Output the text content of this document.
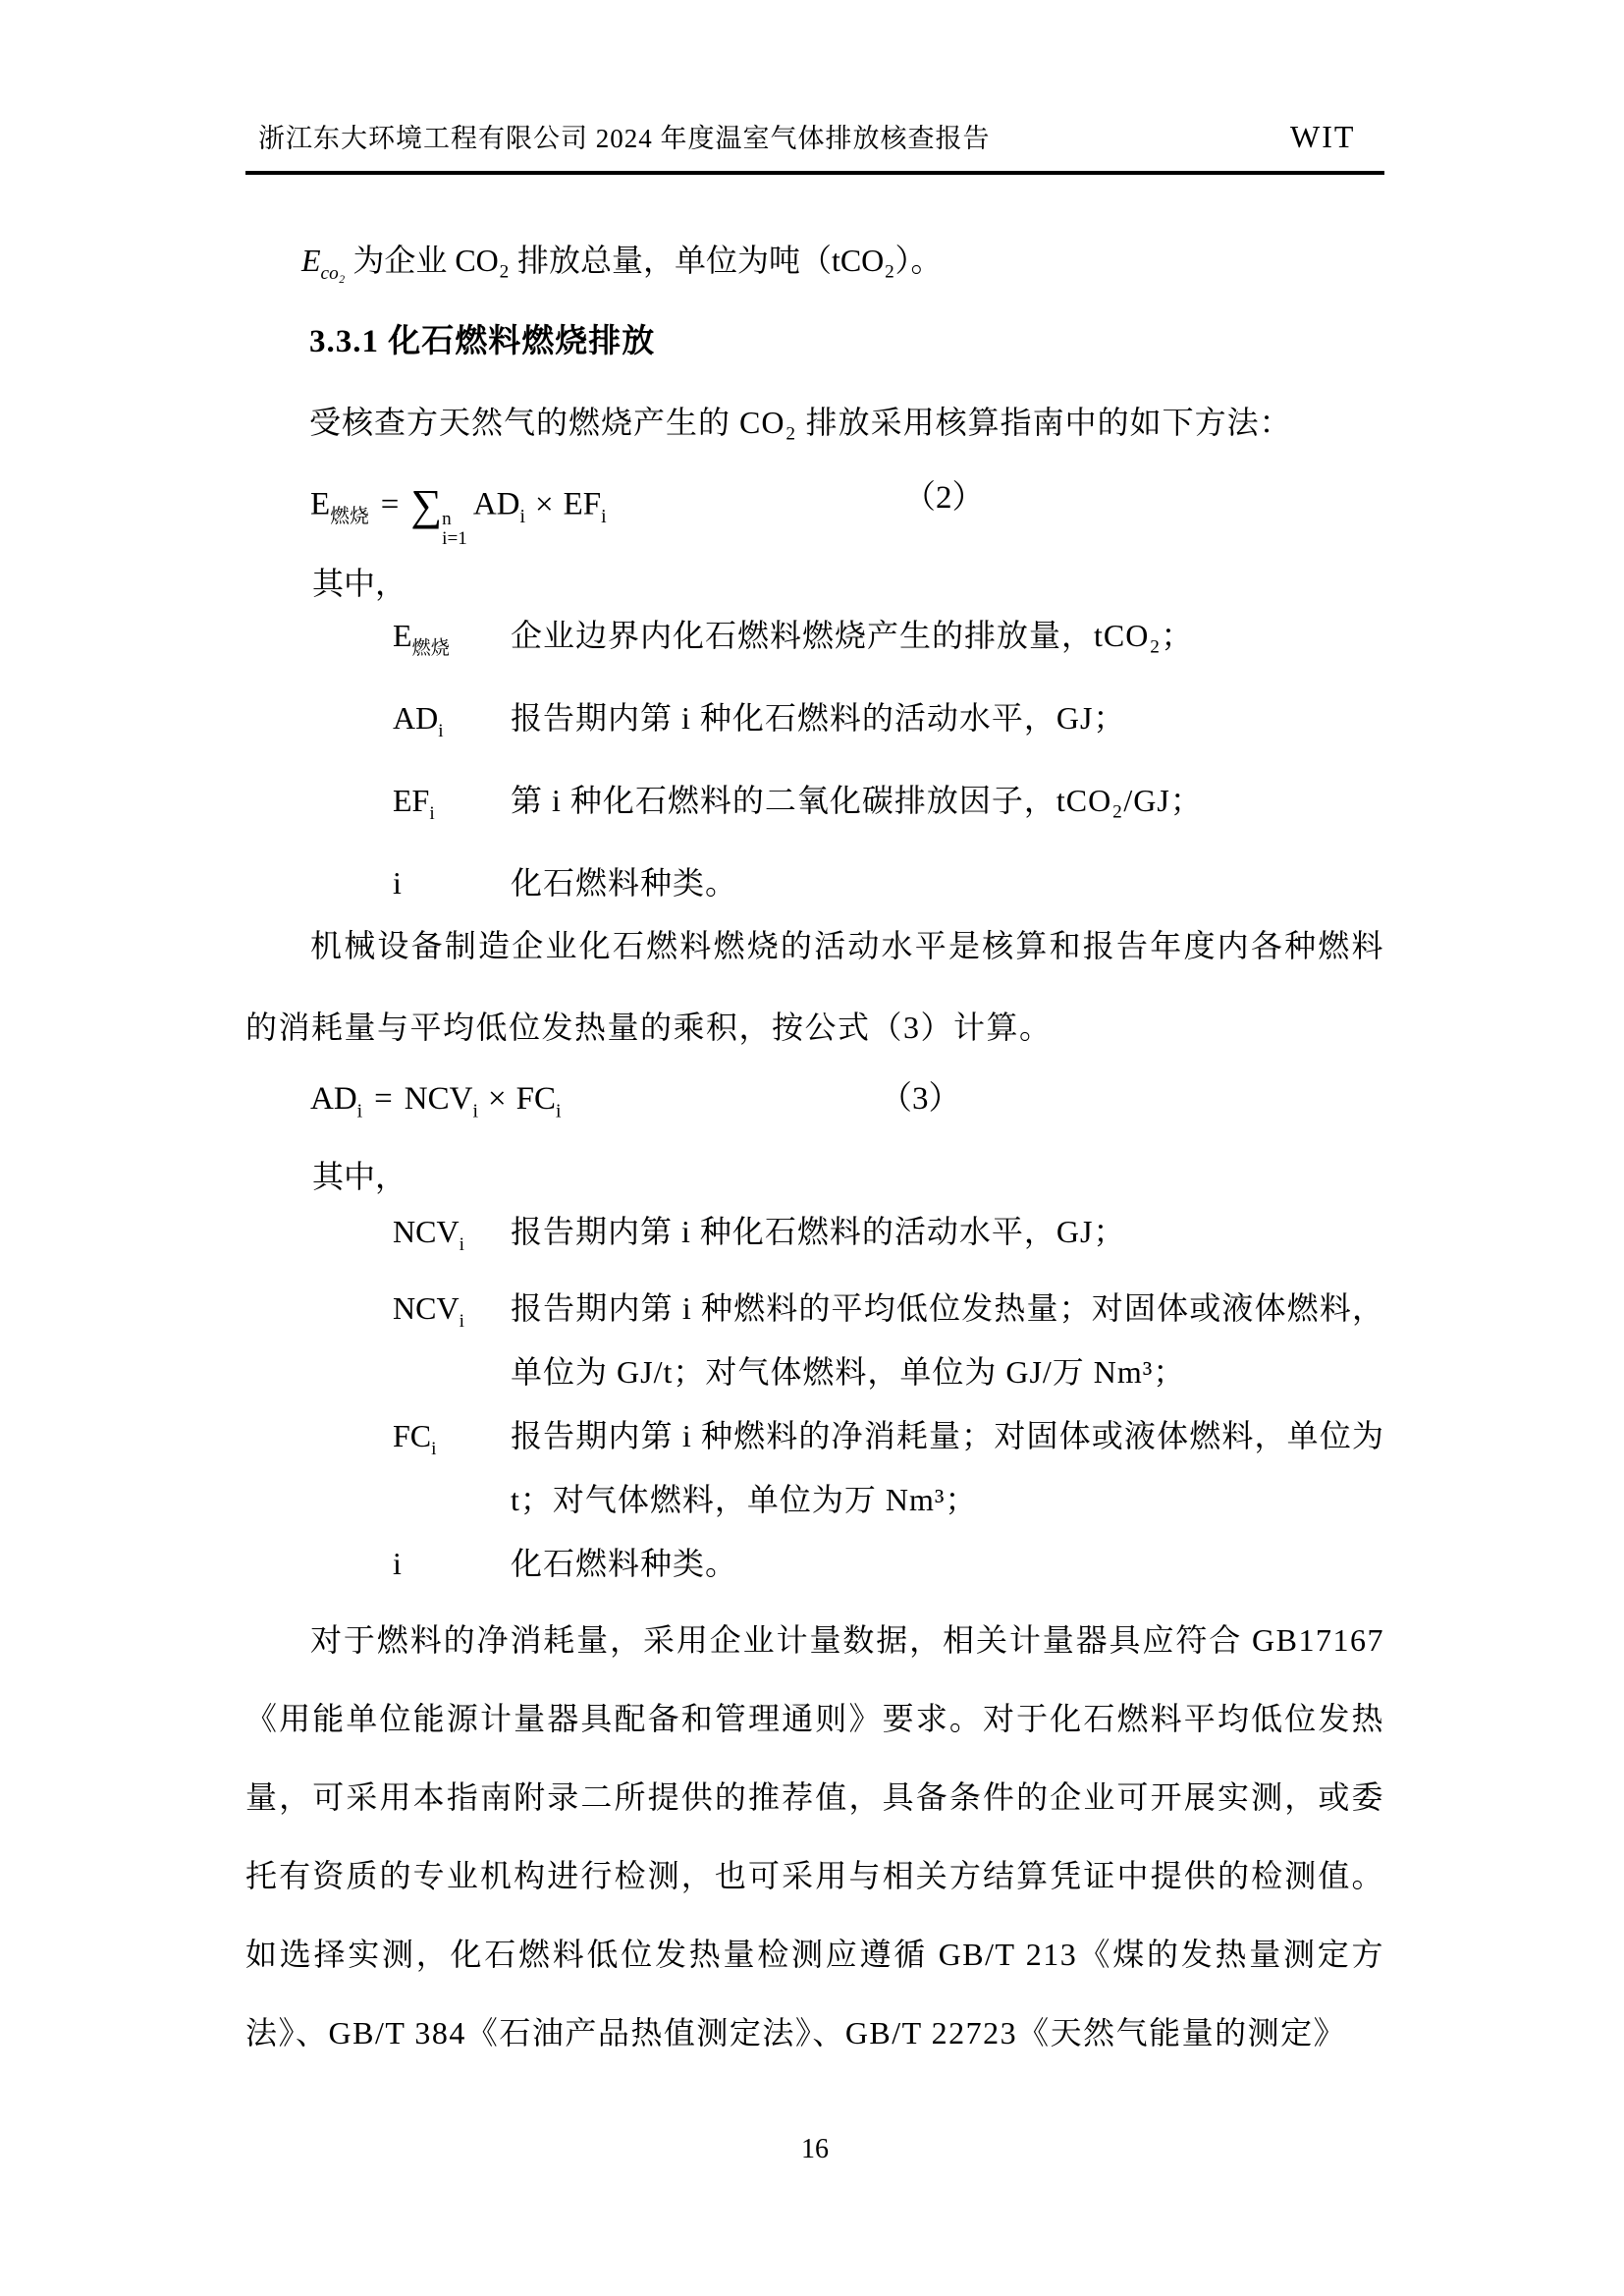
浙江东大环境工程有限公司 2024 年度温室气体排放核查报告	WIT
$E_{co_2}$ 为企业 CO₂ 排放总量，单位为吨（tCO₂）。
3.3.1 化石燃料燃烧排放
受核查方天然气的燃烧产生的 CO₂ 排放采用核算指南中的如下方法：
$E_{燃烧}$ = ∑ n
i=1
$AD_i \times EF_i$
（2）
其中，
$E_{燃烧}$	企业边界内化石燃料燃烧产生的排放量，tCO₂；
$AD_i$	报告期内第 i 种化石燃料的活动水平，GJ；
$EF_i$	第 i 种化石燃料的二氧化碳排放因子，tCO₂/GJ；
i	化石燃料种类。
机械设备制造企业化石燃料燃烧的活动水平是核算和报告年度内各种燃料的消耗量与平均低位发热量的乘积，按公式（3）计算。
$AD_i = NCV_i \times FC_i$	（3）
其中，
$NCV_i$	报告期内第 i 种化石燃料的活动水平，GJ；
$NCV_i$	报告期内第 i 种燃料的平均低位发热量；对固体或液体燃料，单位为 GJ/t；对气体燃料，单位为 GJ/万 Nm³；
$FC_i$	报告期内第 i 种燃料的净消耗量；对固体或液体燃料，单位为 t；对气体燃料，单位为万 Nm³；
i	化石燃料种类。
对于燃料的净消耗量，采用企业计量数据，相关计量器具应符合 GB17167《用能单位能源计量器具配备和管理通则》要求。对于化石燃料平均低位发热量，可采用本指南附录二所提供的推荐值，具备条件的企业可开展实测，或委托有资质的专业机构进行检测，也可采用与相关方结算凭证中提供的检测值。如选择实测，化石燃料低位发热量检测应遵循 GB/T 213《煤的发热量测定方法》、GB/T 384《石油产品热值测定法》、GB/T 22723《天然气能量的测定》
16
